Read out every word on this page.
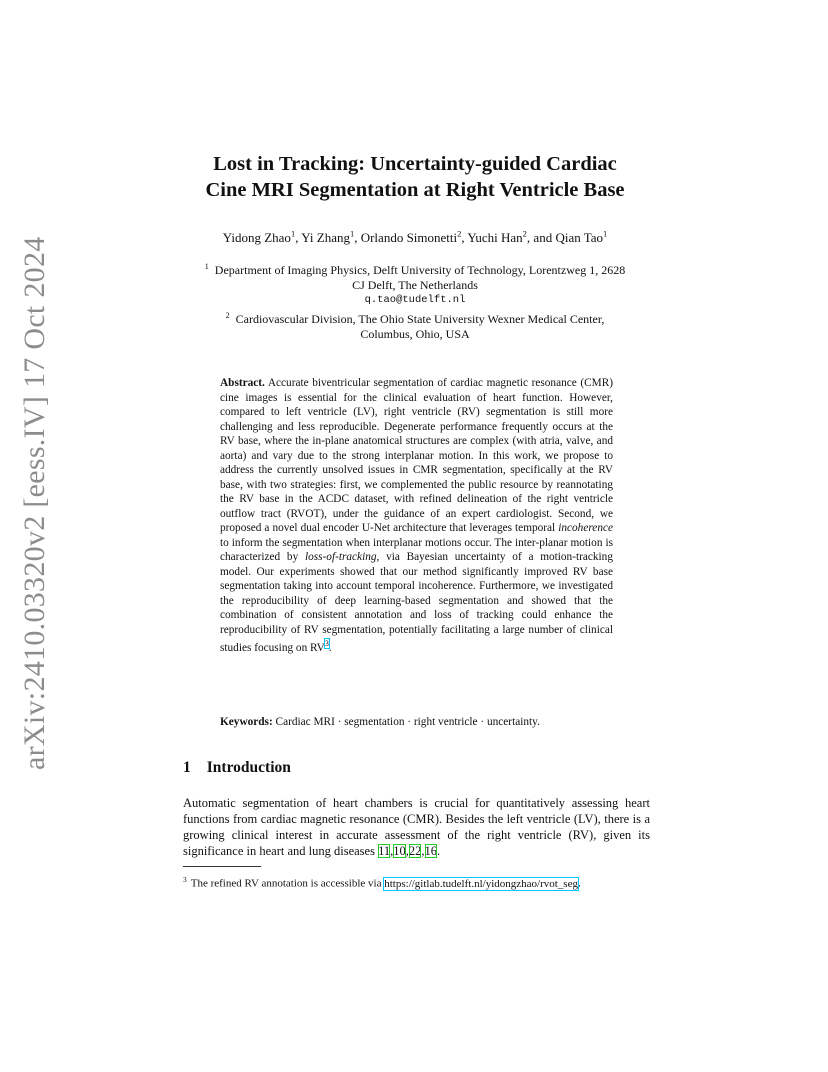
arXiv:2410.03320v2 [eess.IV] 17 Oct 2024
Lost in Tracking: Uncertainty-guided Cardiac
Cine MRI Segmentation at Right Ventricle Base
Yidong Zhao$^1$, Yi Zhang$^1$, Orlando Simonetti$^2$, Yuchi Han$^2$, and Qian Tao$^1$
$^1$ Department of Imaging Physics, Delft University of Technology, Lorentzweg 1, 2628
CJ Delft, The Netherlands
q.tao@tudelft.nl
$^2$ Cardiovascular Division, The Ohio State University Wexner Medical Center,
Columbus, Ohio, USA
Abstract. Accurate biventricular segmentation of cardiac magnetic resonance (CMR) cine images is essential for the clinical evaluation of heart function. However, compared to left ventricle (LV), right ventricle (RV) segmentation is still more challenging and less reproducible. Degenerate performance frequently occurs at the RV base, where the in-plane anatomical structures are complex (with atria, valve, and aorta) and vary due to the strong interplanar motion. In this work, we propose to address the currently unsolved issues in CMR segmentation, specifically at the RV base, with two strategies: first, we complemented the public resource by reannotating the RV base in the ACDC dataset, with refined delineation of the right ventricle outflow tract (RVOT), under the guidance of an expert cardiologist. Second, we proposed a novel dual encoder U-Net architecture that leverages temporal incoherence to inform the segmentation when interplanar motions occur. The inter-planar motion is characterized by loss-of-tracking, via Bayesian uncertainty of a motion-tracking model. Our experiments showed that our method significantly improved RV base segmentation taking into account temporal incoherence. Furthermore, we investigated the reproducibility of deep learning-based segmentation and showed that the combination of consistent annotation and loss of tracking could enhance the reproducibility of RV segmentation, potentially facilitating a large number of clinical studies focusing on RV$^3$.
Keywords: Cardiac MRI · segmentation · right ventricle · uncertainty.
1 Introduction
Automatic segmentation of heart chambers is crucial for quantitatively assessing heart functions from cardiac magnetic resonance (CMR). Besides the left ventricle (LV), there is a growing clinical interest in accurate assessment of the right ventricle (RV), given its significance in heart and lung diseases 11,10,22,16.
$^3$ The refined RV annotation is accessible via https://gitlab.tudelft.nl/yidongzhao/rvot_seg.
